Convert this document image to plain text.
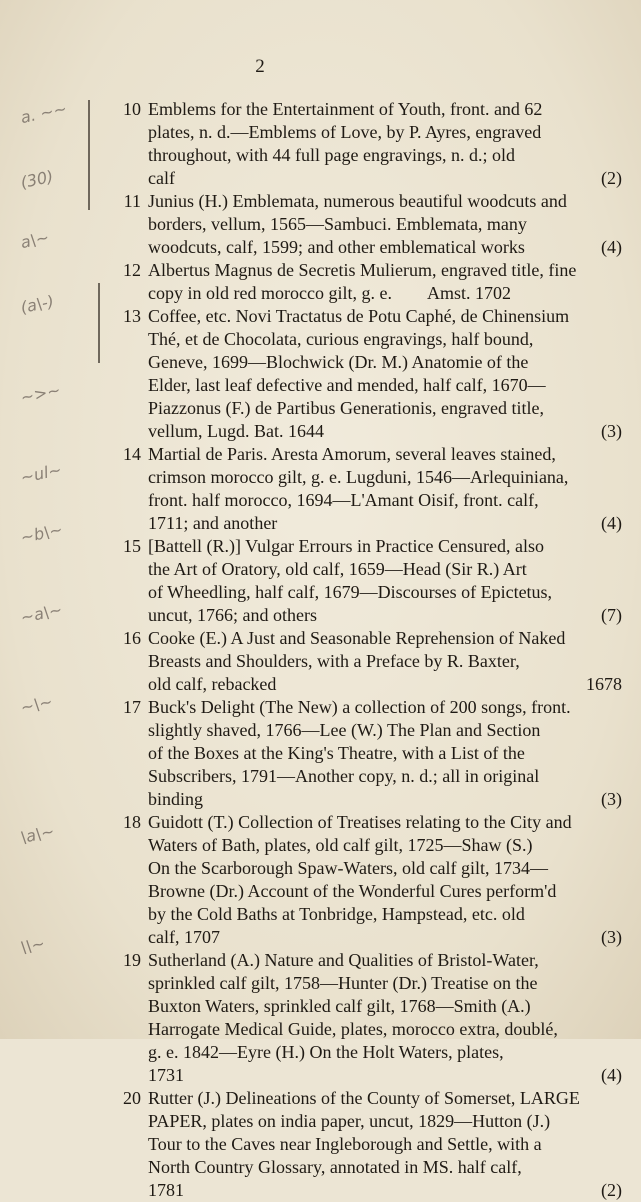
2
a. ~~
(30)
a\~
(a\-)
~>~
~ul~
~b\~
~a\~
~\~
\a\~
\\~
10 Emblems for the Entertainment of Youth, front. and 62
plates, n. d.—Emblems of Love, by P. Ayres, engraved
throughout, with 44 full page engravings, n. d.; old
calf	(2)
11 Junius (H.) Emblemata, numerous beautiful woodcuts and
borders, vellum, 1565—Sambuci. Emblemata, many
woodcuts, calf, 1599; and other emblematical works	(4)
12 Albertus Magnus de Secretis Mulierum, engraved title, fine
copy in old red morocco gilt, g. e.        Amst. 1702
13 Coffee, etc. Novi Tractatus de Potu Caphé, de Chinensium
Thé, et de Chocolata, curious engravings, half bound,
Geneve, 1699—Blochwick (Dr. M.) Anatomie of the
Elder, last leaf defective and mended, half calf, 1670—
Piazzonus (F.) de Partibus Generationis, engraved title,
vellum, Lugd. Bat. 1644	(3)
14 Martial de Paris. Aresta Amorum, several leaves stained,
crimson morocco gilt, g. e. Lugduni, 1546—Arlequiniana,
front. half morocco, 1694—L'Amant Oisif, front. calf,
1711; and another	(4)
15 [Battell (R.)] Vulgar Errours in Practice Censured, also
the Art of Oratory, old calf, 1659—Head (Sir R.) Art
of Wheedling, half calf, 1679—Discourses of Epictetus,
uncut, 1766; and others	(7)
16 Cooke (E.) A Just and Seasonable Reprehension of Naked
Breasts and Shoulders, with a Preface by R. Baxter,
old calf, rebacked	1678
17 Buck's Delight (The New) a collection of 200 songs, front.
slightly shaved, 1766—Lee (W.) The Plan and Section
of the Boxes at the King's Theatre, with a List of the
Subscribers, 1791—Another copy, n. d.; all in original
binding	(3)
18 Guidott (T.) Collection of Treatises relating to the City and
Waters of Bath, plates, old calf gilt, 1725—Shaw (S.)
On the Scarborough Spaw-Waters, old calf gilt, 1734—
Browne (Dr.) Account of the Wonderful Cures perform'd
by the Cold Baths at Tonbridge, Hampstead, etc. old
calf, 1707	(3)
19 Sutherland (A.) Nature and Qualities of Bristol-Water,
sprinkled calf gilt, 1758—Hunter (Dr.) Treatise on the
Buxton Waters, sprinkled calf gilt, 1768—Smith (A.)
Harrogate Medical Guide, plates, morocco extra, doublé,
g. e. 1842—Eyre (H.) On the Holt Waters, plates,
1731	(4)
20 Rutter (J.) Delineations of the County of Somerset, LARGE
PAPER, plates on india paper, uncut, 1829—Hutton (J.)
Tour to the Caves near Ingleborough and Settle, with a
North Country Glossary, annotated in MS. half calf,
1781	(2)
